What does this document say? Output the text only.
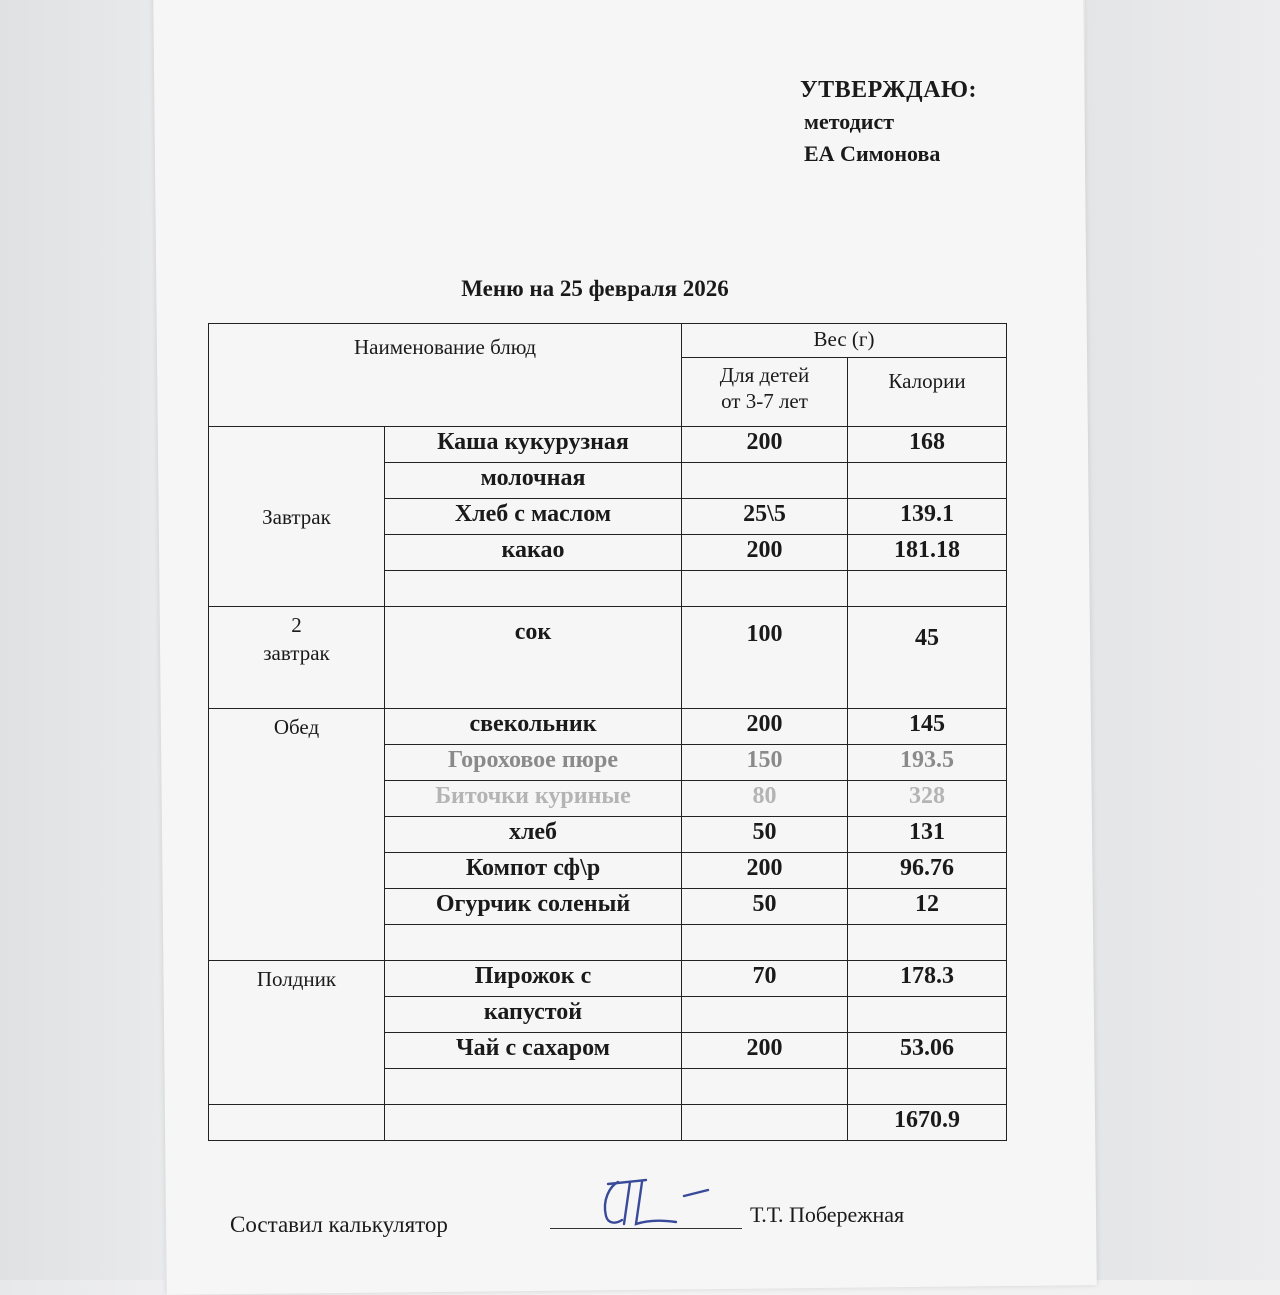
УТВЕРЖДАЮ:
методист
ЕА Симонова
Меню на 25 февраля 2026
Наименование блюд		Вес (г)	

		Для детей
от 3-7 лет	Калории
Завтрак	Каша кукурузная	200	168
	молочная		
	Хлеб с маслом	25\5	139.1
	какао	200	181.18

2
завтрак	сок	100	45
Обед	свекольник	200	145
	Гороховое пюре	150	193.5
	Биточки куриные	80	328
	хлеб	50	131
	Компот сф\р	200	96.76
	Огурчик соленый	50	12

Полдник	Пирожок с	70	178.3
	капустой		
	Чай с сахаром	200	53.06

			1670.9
Составил калькулятор	Т.Т. Побережная
